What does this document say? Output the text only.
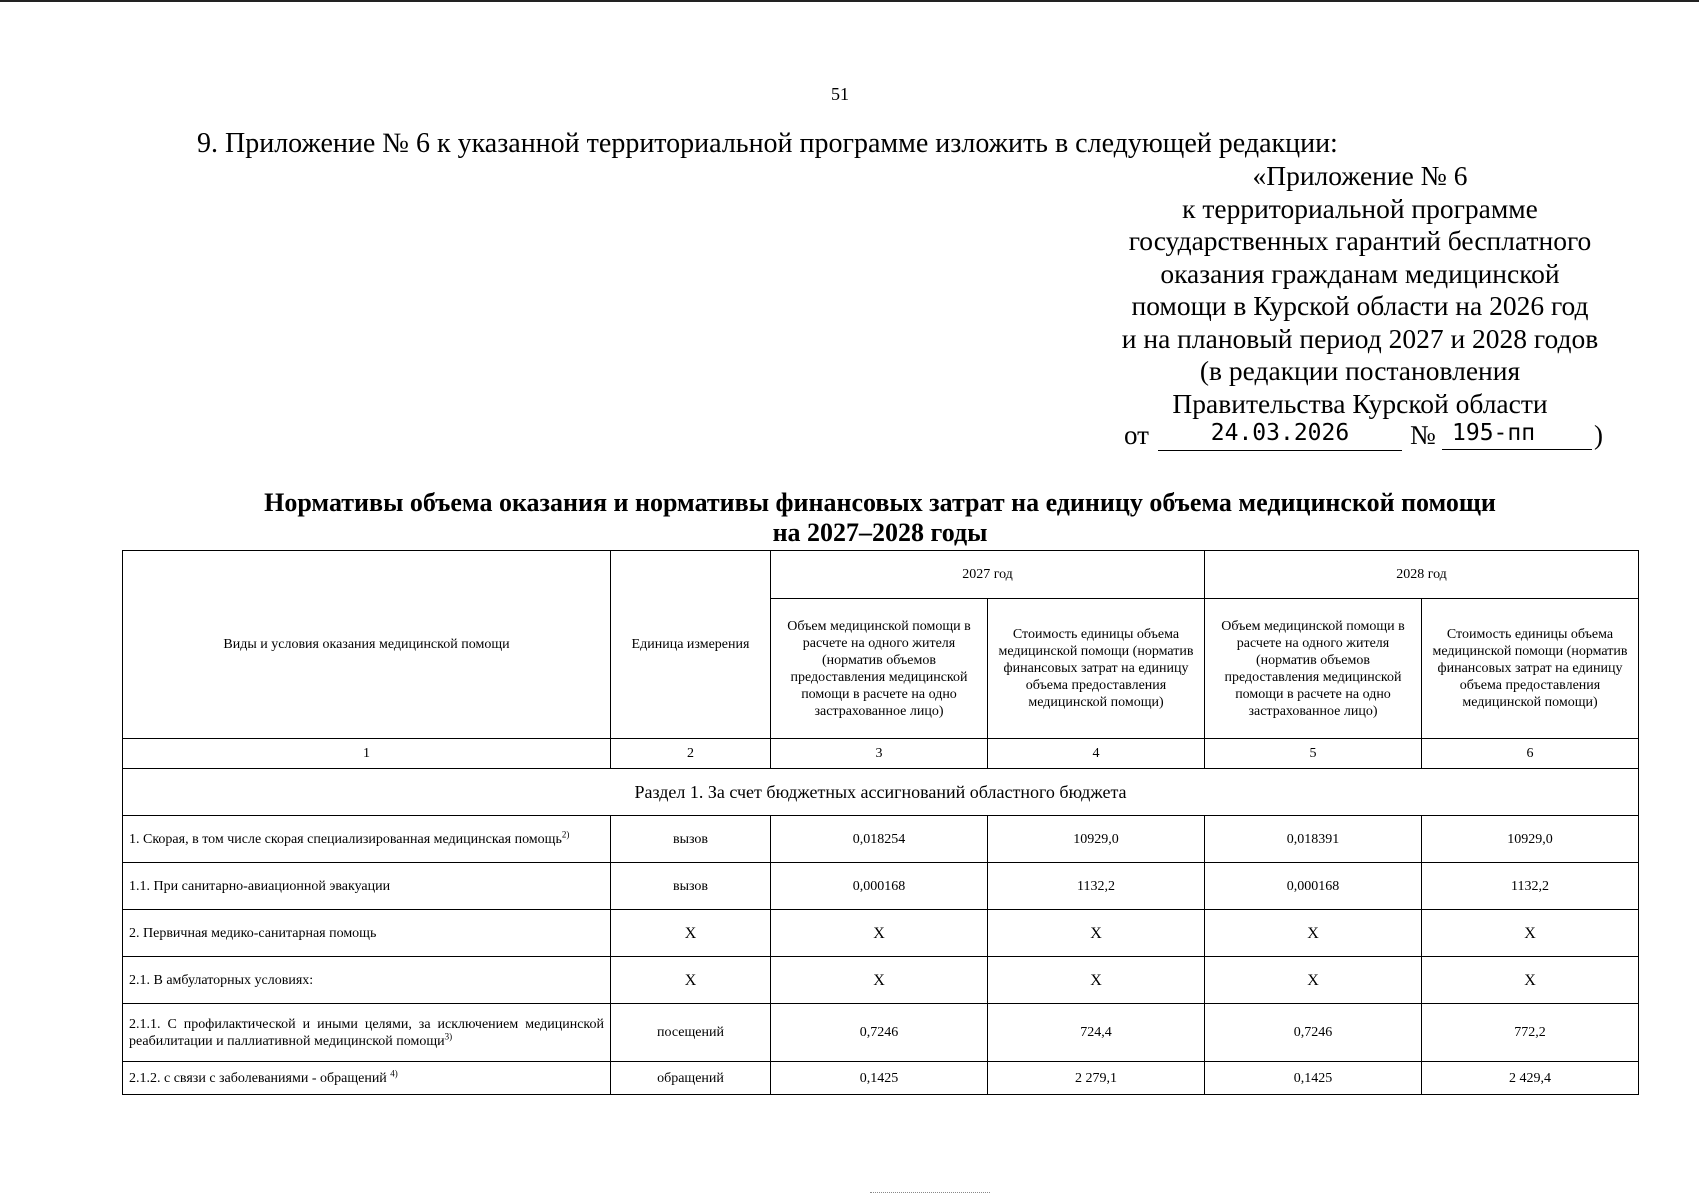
51
9. Приложение № 6 к указанной территориальной программе изложить в следующей редакции:
«Приложение № 6
к территориальной программе
государственных гарантий бесплатного
оказания гражданам медицинской
помощи в Курской области на 2026 год
и на плановый период 2027 и 2028 годов
(в редакции постановления
Правительства Курской области
от	24.03.2026	№ 195-пп	)
Нормативы объема оказания и нормативы финансовых затрат на единицу объема медицинской помощи
на 2027–2028 годы
Виды и условия оказания медицинской помощи	Единица измерения	2027 год		2028 год	
		Объем медицинской помощи в расчете на одного жителя (норматив объемов предоставления медицинской помощи в расчете на одно застрахованное лицо)	Стоимость единицы объема медицинской помощи (норматив финансовых затрат на единицу объема предоставления медицинской помощи)	Объем медицинской помощи в расчете на одного жителя (норматив объемов предоставления медицинской помощи в расчете на одно застрахованное лицо)	Стоимость единицы объема медицинской помощи (норматив финансовых затрат на единицу объема предоставления медицинской помощи)
1	2	3	4	5	6
Раздел 1. За счет бюджетных ассигнований областного бюджета					
1. Скорая, в том числе скорая специализированная медицинская помощь$^{2)}$	вызов	0,018254	10929,0	0,018391	10929,0
1.1. При санитарно-авиационной эвакуации	вызов	0,000168	1132,2	0,000168	1132,2
2. Первичная медико-санитарная помощь	X	X	X	X	X
2.1. В амбулаторных условиях:	X	X	X	X	X
2.1.1. С профилактической и иными целями, за исключением медицинской реабилитации и паллиативной медицинской помощи$^{3)}$	посещений	0,7246	724,4	0,7246	772,2
2.1.2. с связи с заболеваниями - обращений $^{4)}$	обращений	0,1425	2 279,1	0,1425	2 429,4
